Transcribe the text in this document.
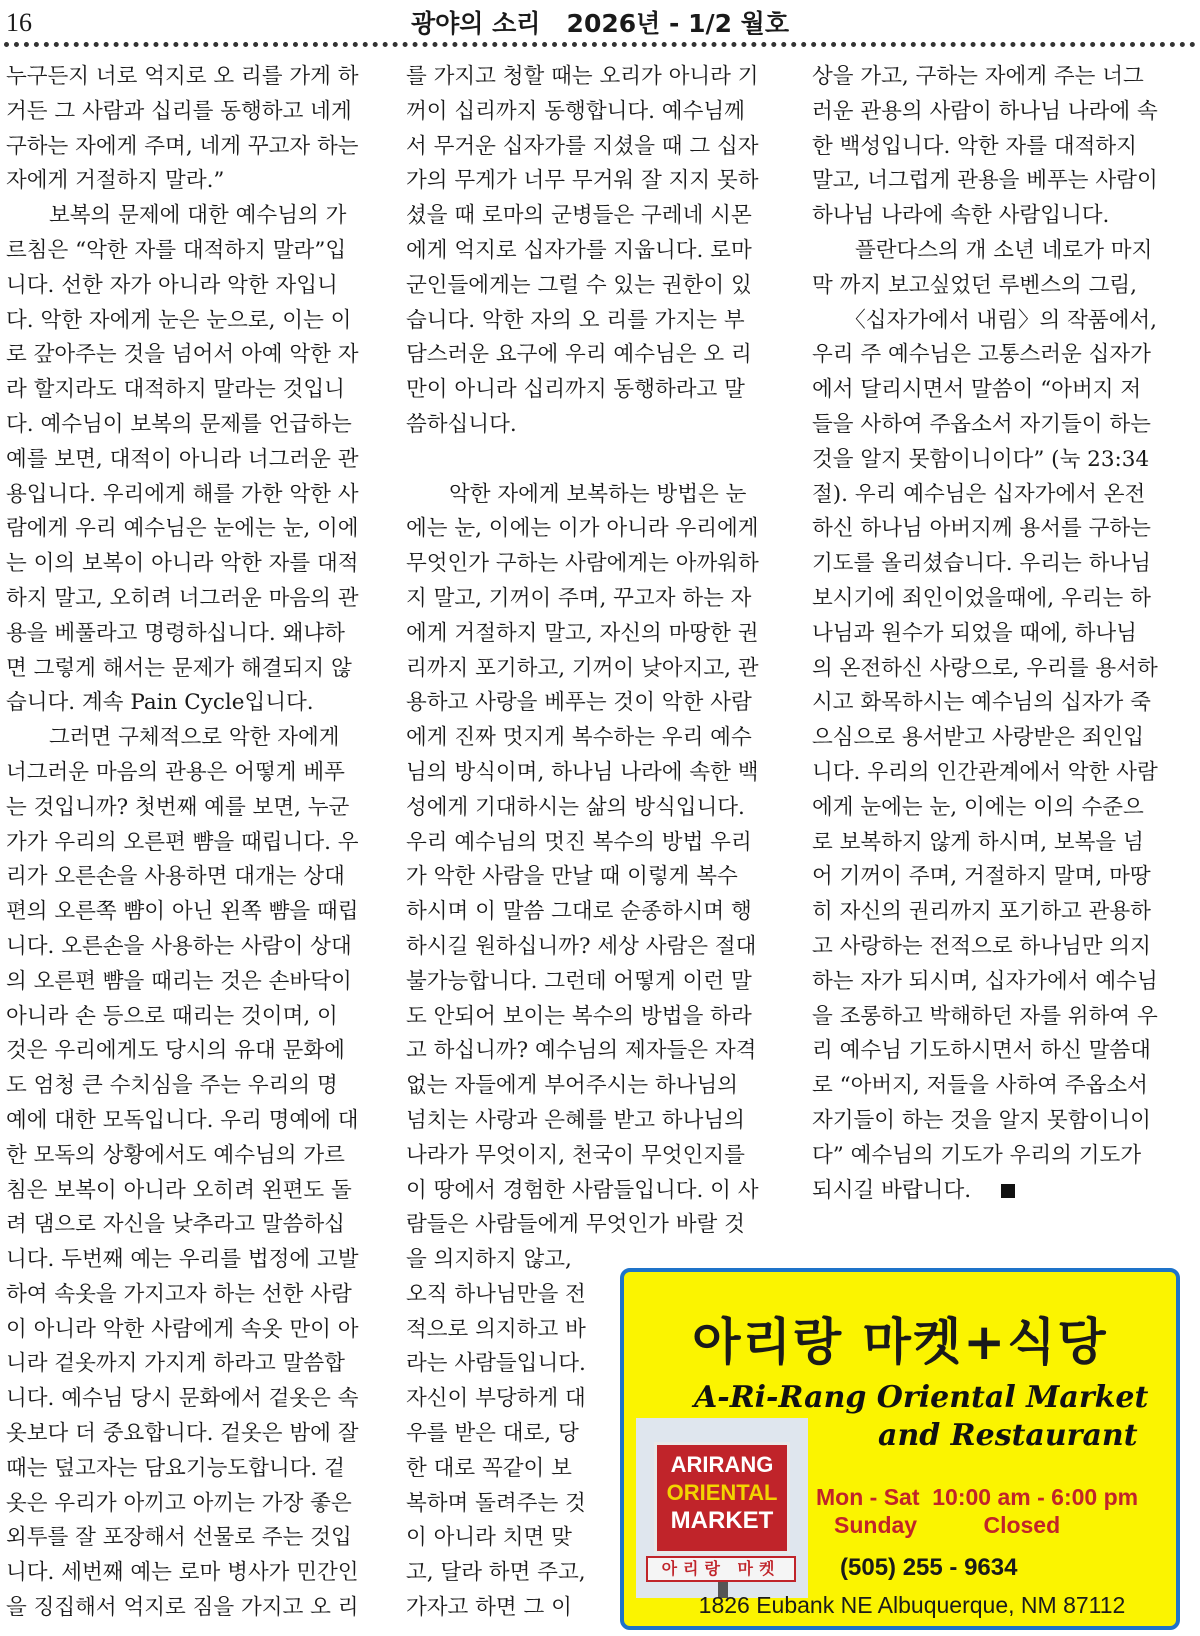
16	광야의 소리   2026년 - 1/2 월호
누구든지 너로 억지로 오 리를 가게 하
거든 그 사람과 십리를 동행하고 네게
구하는 자에게 주며, 네게 꾸고자 하는
자에게 거절하지 말라.”
　　보복의 문제에 대한 예수님의 가
르침은 “악한 자를 대적하지 말라”입
니다. 선한 자가 아니라 악한 자입니
다. 악한 자에게 눈은 눈으로, 이는 이
로 갚아주는 것을 넘어서 아예 악한 자
라 할지라도 대적하지 말라는 것입니
다. 예수님이 보복의 문제를 언급하는
예를 보면, 대적이 아니라 너그러운 관
용입니다. 우리에게 해를 가한 악한 사
람에게 우리 예수님은 눈에는 눈, 이에
는 이의 보복이 아니라 악한 자를 대적
하지 말고, 오히려 너그러운 마음의 관
용을 베풀라고 명령하십니다. 왜냐하
면 그렇게 해서는 문제가 해결되지 않
습니다. 계속 Pain Cycle입니다.
　　그러면 구체적으로 악한 자에게
너그러운 마음의 관용은 어떻게 베푸
는 것입니까? 첫번째 예를 보면, 누군
가가 우리의 오른편 뺨을 때립니다. 우
리가 오른손을 사용하면 대개는 상대
편의 오른쪽 뺨이 아닌 왼쪽 뺨을 때립
니다. 오른손을 사용하는 사람이 상대
의 오른편 뺨을 때리는 것은 손바닥이
아니라 손 등으로 때리는 것이며, 이
것은 우리에게도 당시의 유대 문화에
도 엄청 큰 수치심을 주는 우리의 명
예에 대한 모독입니다. 우리 명예에 대
한 모독의 상황에서도 예수님의 가르
침은 보복이 아니라 오히려 왼편도 돌
려 댐으로 자신을 낮추라고 말씀하십
니다. 두번째 예는 우리를 법정에 고발
하여 속옷을 가지고자 하는 선한 사람
이 아니라 악한 사람에게 속옷 만이 아
니라 겉옷까지 가지게 하라고 말씀합
니다. 예수님 당시 문화에서 겉옷은 속
옷보다 더 중요합니다. 겉옷은 밤에 잘
때는 덮고자는 담요기능도합니다. 겉
옷은 우리가 아끼고 아끼는 가장 좋은
외투를 잘 포장해서 선물로 주는 것입
니다. 세번째 예는 로마 병사가 민간인
을 징집해서 억지로 짐을 가지고 오 리
를 가지고 청할 때는 오리가 아니라 기
꺼이 십리까지 동행합니다. 예수님께
서 무거운 십자가를 지셨을 때 그 십자
가의 무게가 너무 무거워 잘 지지 못하
셨을 때 로마의 군병들은 구레네 시몬
에게 억지로 십자가를 지웁니다. 로마
군인들에게는 그럴 수 있는 권한이 있
습니다. 악한 자의 오 리를 가지는 부
담스러운 요구에 우리 예수님은 오 리
만이 아니라 십리까지 동행하라고 말
씀하십니다.
　　악한 자에게 보복하는 방법은 눈
에는 눈, 이에는 이가 아니라 우리에게
무엇인가 구하는 사람에게는 아까워하
지 말고, 기꺼이 주며, 꾸고자 하는 자
에게 거절하지 말고, 자신의 마땅한 권
리까지 포기하고, 기꺼이 낮아지고, 관
용하고 사랑을 베푸는 것이 악한 사람
에게 진짜 멋지게 복수하는 우리 예수
님의 방식이며, 하나님 나라에 속한 백
성에게 기대하시는 삶의 방식입니다.
우리 예수님의 멋진 복수의 방법 우리
가 악한 사람을 만날 때 이렇게 복수
하시며 이 말씀 그대로 순종하시며 행
하시길 원하십니까? 세상 사람은 절대
불가능합니다. 그런데 어떻게 이런 말
도 안되어 보이는 복수의 방법을 하라
고 하십니까? 예수님의 제자들은 자격
없는 자들에게 부어주시는 하나님의
넘치는 사랑과 은혜를 받고 하나님의
나라가 무엇이지, 천국이 무엇인지를
이 땅에서 경험한 사람들입니다. 이 사
람들은 사람들에게 무엇인가 바랄 것
을 의지하지 않고,
오직 하나님만을 전
적으로 의지하고 바
라는 사람들입니다.
자신이 부당하게 대
우를 받은 대로, 당
한 대로 꼭같이 보
복하며 돌려주는 것
이 아니라 치면 맞
고, 달라 하면 주고,
가자고 하면 그 이
상을 가고, 구하는 자에게 주는 너그
러운 관용의 사람이 하나님 나라에 속
한 백성입니다. 악한 자를 대적하지
말고, 너그럽게 관용을 베푸는 사람이
하나님 나라에 속한 사람입니다.
　　플란다스의 개 소년 네로가 마지
막 까지 보고싶었던 루벤스의 그림,
　　〈십자가에서 내림〉의 작품에서,
우리 주 예수님은 고통스러운 십자가
에서 달리시면서 말씀이 “아버지 저
들을 사하여 주옵소서 자기들이 하는
것을 알지 못함이니이다” (눅 23:34
절). 우리 예수님은 십자가에서 온전
하신 하나님 아버지께 용서를 구하는
기도를 올리셨습니다. 우리는 하나님
보시기에 죄인이었을때에, 우리는 하
나님과 원수가 되었을 때에, 하나님
의 온전하신 사랑으로, 우리를 용서하
시고 화목하시는 예수님의 십자가 죽
으심으로 용서받고 사랑받은 죄인입
니다. 우리의 인간관계에서 악한 사람
에게 눈에는 눈, 이에는 이의 수준으
로 보복하지 않게 하시며, 보복을 넘
어 기꺼이 주며, 거절하지 말며, 마땅
히 자신의 권리까지 포기하고 관용하
고 사랑하는 전적으로 하나님만 의지
하는 자가 되시며, 십자가에서 예수님
을 조롱하고 박해하던 자를 위하여 우
리 예수님 기도하시면서 하신 말씀대
로 “아버지, 저들을 사하여 주옵소서
자기들이 하는 것을 알지 못함이니이
다” 예수님의 기도가 우리의 기도가
되시길 바랍니다.
아리랑 마켓+식당
A-Ri-Rang Oriental Market
and Restaurant
ARIRANG
ORIENTAL
MARKET
아리랑 마켓
Mon - Sat  10:00 am - 6:00 pm
Sunday	Closed
(505) 255 - 9634
1826 Eubank NE Albuquerque, NM 87112
